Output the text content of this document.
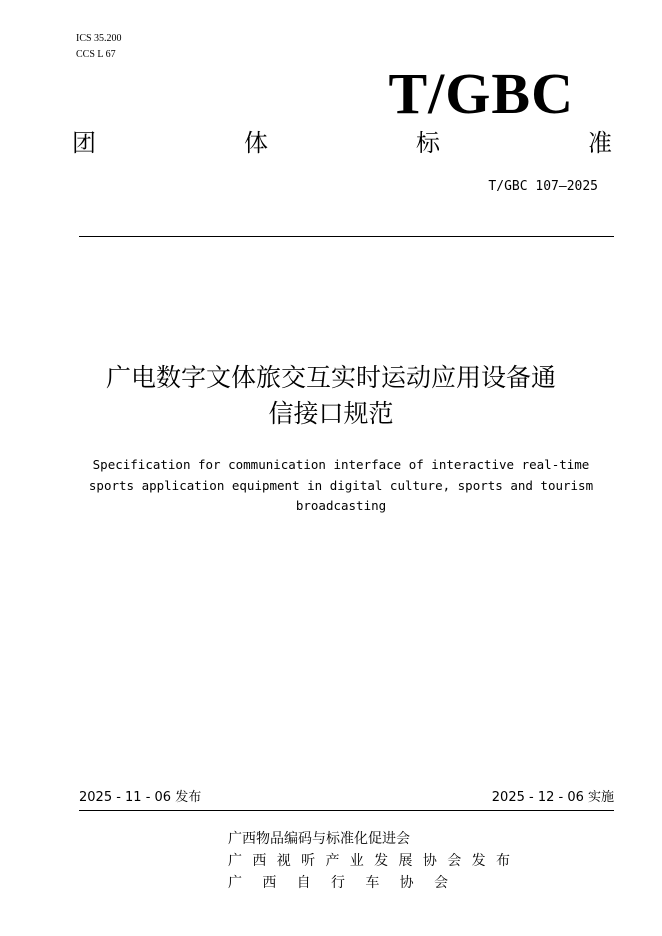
ICS 35.200
CCS L 67
T/GBC
团	体	标	准
T/GBC 107—2025
广电数字文体旅交互实时运动应用设备通
信接口规范
Specification for communication interface of interactive real-time
sports application equipment in digital culture, sports and tourism
broadcasting
2025 - 11 - 06 发布	2025 - 12 - 06 实施
广西物品编码与标准化促进会
广 西 视 听 产 业 发 展 协 会 发 布
广 西 自 行 车 协 会
